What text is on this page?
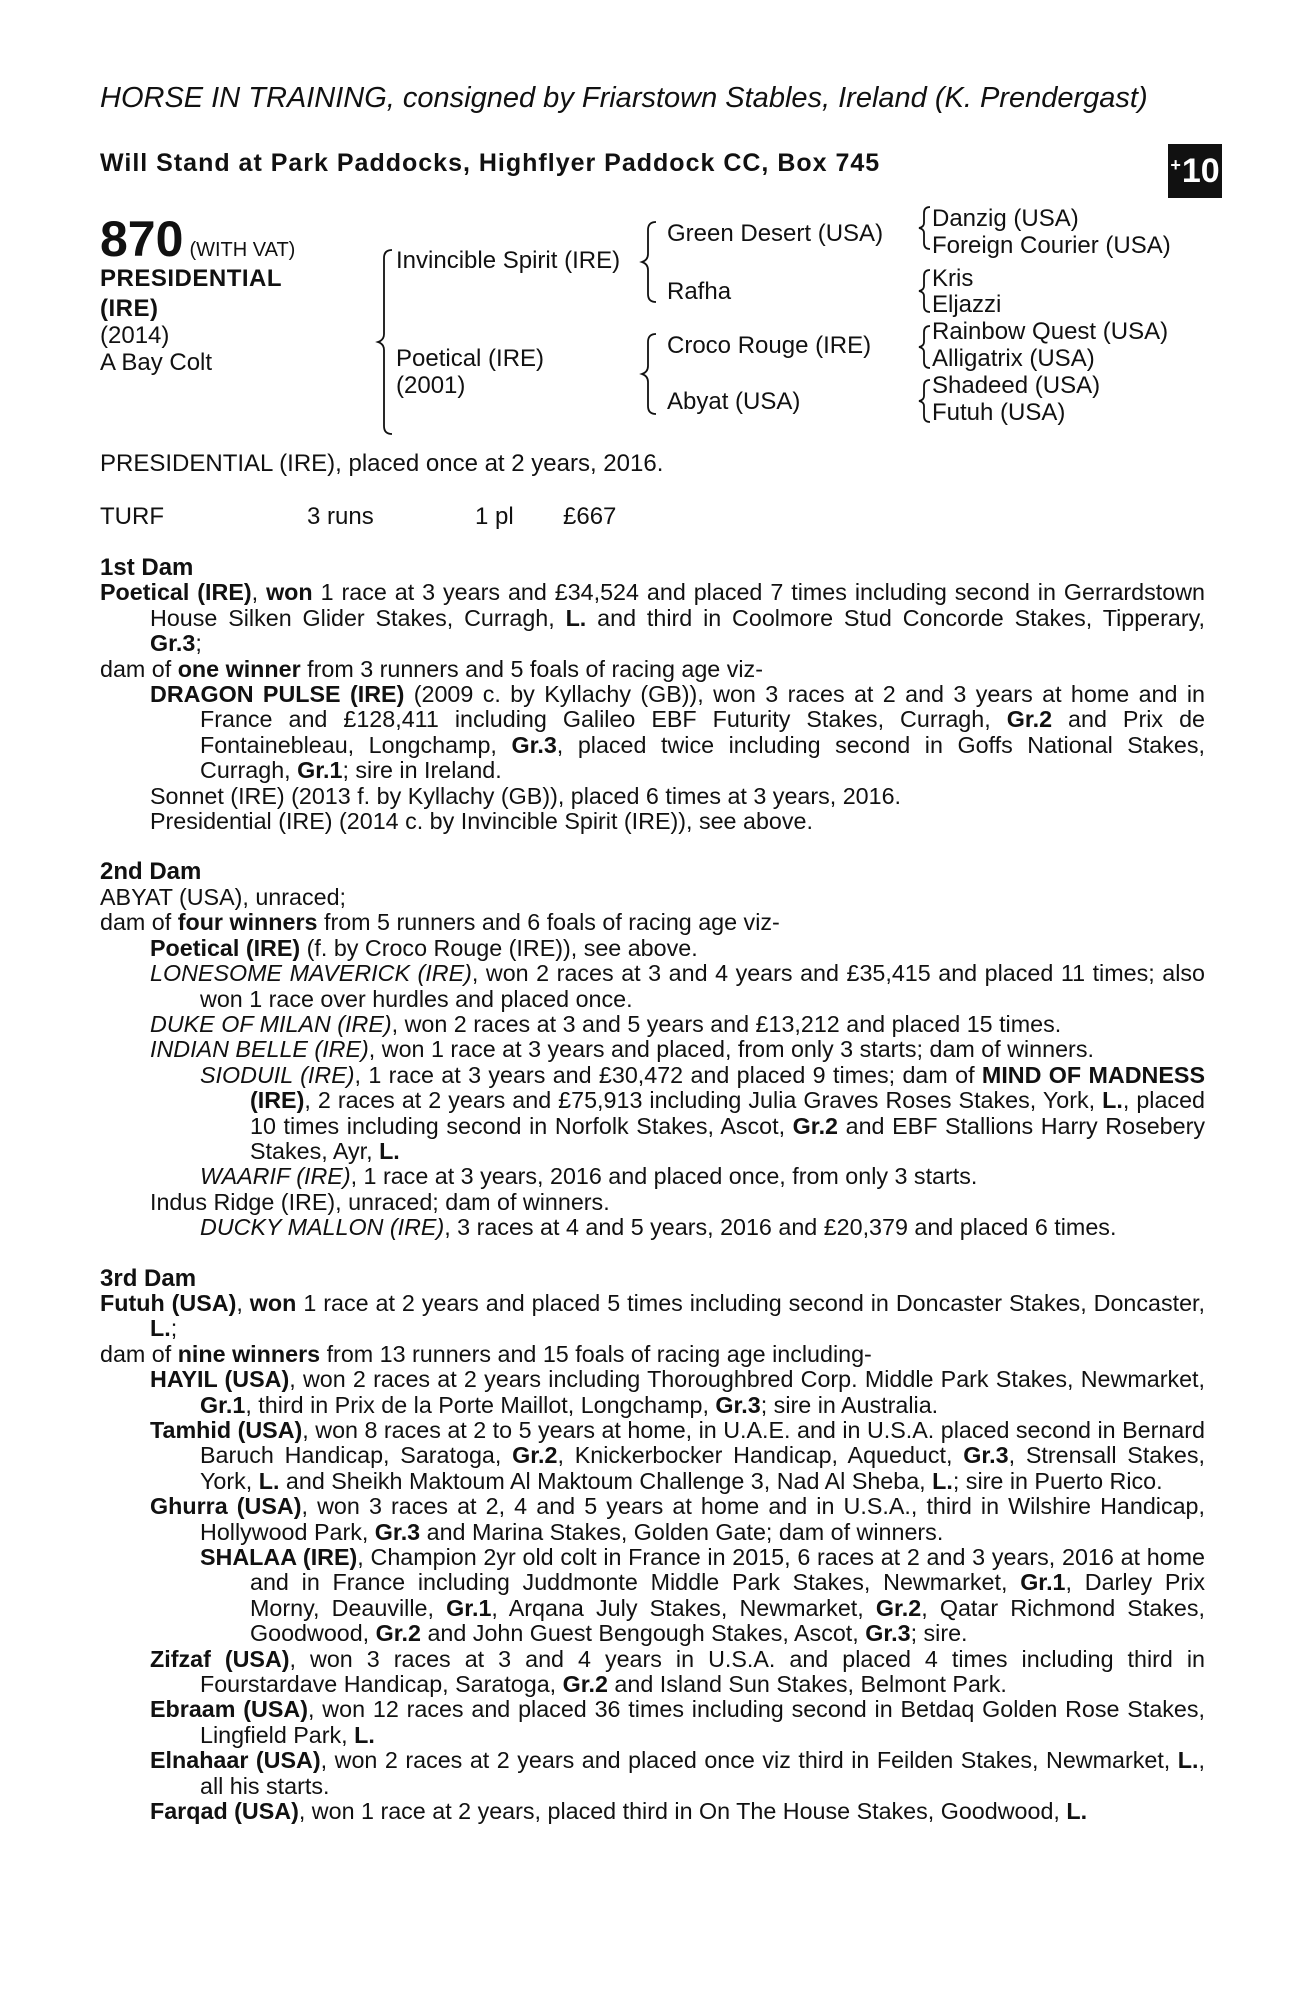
HORSE IN TRAINING, consigned by Friarstown Stables, Ireland (K. Prendergast)
Will Stand at Park Paddocks, Highflyer Paddock CC, Box 745	+ 10
870 (WITH VAT)
PRESIDENTIAL
(IRE)
(2014)
A Bay Colt
Invincible Spirit (IRE)
Poetical (IRE)
(2001)
Green Desert (USA)
Rafha
Croco Rouge (IRE)
Abyat (USA)
Danzig (USA)
Foreign Courier (USA)
Kris
Eljazzi
Rainbow Quest (USA)
Alligatrix (USA)
Shadeed (USA)
Futuh (USA)
PRESIDENTIAL (IRE), placed once at 2 years, 2016.
TURF	3 runs	1 pl £667
1st Dam
Poetical (IRE), won 1 race at 3 years and £34,524 and placed 7 times including second in Gerrardstown House Silken Glider Stakes, Curragh, L. and third in Coolmore Stud Concorde Stakes, Tipperary, Gr.3;
dam of one winner from 3 runners and 5 foals of racing age viz-
DRAGON PULSE (IRE) (2009 c. by Kyllachy (GB)), won 3 races at 2 and 3 years at home and in France and £128,411 including Galileo EBF Futurity Stakes, Curragh, Gr.2 and Prix de Fontainebleau, Longchamp, Gr.3, placed twice including second in Goffs National Stakes, Curragh, Gr.1; sire in Ireland.
Sonnet (IRE) (2013 f. by Kyllachy (GB)), placed 6 times at 3 years, 2016.
Presidential (IRE) (2014 c. by Invincible Spirit (IRE)), see above.
2nd Dam
ABYAT (USA), unraced;
dam of four winners from 5 runners and 6 foals of racing age viz-
Poetical (IRE) (f. by Croco Rouge (IRE)), see above.
LONESOME MAVERICK (IRE), won 2 races at 3 and 4 years and £35,415 and placed 11 times; also won 1 race over hurdles and placed once.
DUKE OF MILAN (IRE), won 2 races at 3 and 5 years and £13,212 and placed 15 times.
INDIAN BELLE (IRE), won 1 race at 3 years and placed, from only 3 starts; dam of winners.
SIODUIL (IRE), 1 race at 3 years and £30,472 and placed 9 times; dam of MIND OF MADNESS (IRE), 2 races at 2 years and £75,913 including Julia Graves Roses Stakes, York, L., placed 10 times including second in Norfolk Stakes, Ascot, Gr.2 and EBF Stallions Harry Rosebery Stakes, Ayr, L.
WAARIF (IRE), 1 race at 3 years, 2016 and placed once, from only 3 starts.
Indus Ridge (IRE), unraced; dam of winners.
DUCKY MALLON (IRE), 3 races at 4 and 5 years, 2016 and £20,379 and placed 6 times.
3rd Dam
Futuh (USA), won 1 race at 2 years and placed 5 times including second in Doncaster Stakes, Doncaster, L.;
dam of nine winners from 13 runners and 15 foals of racing age including-
HAYIL (USA), won 2 races at 2 years including Thoroughbred Corp. Middle Park Stakes, Newmarket, Gr.1, third in Prix de la Porte Maillot, Longchamp, Gr.3; sire in Australia.
Tamhid (USA), won 8 races at 2 to 5 years at home, in U.A.E. and in U.S.A. placed second in Bernard Baruch Handicap, Saratoga, Gr.2, Knickerbocker Handicap, Aqueduct, Gr.3, Strensall Stakes, York, L. and Sheikh Maktoum Al Maktoum Challenge 3, Nad Al Sheba, L.; sire in Puerto Rico.
Ghurra (USA), won 3 races at 2, 4 and 5 years at home and in U.S.A., third in Wilshire Handicap, Hollywood Park, Gr.3 and Marina Stakes, Golden Gate; dam of winners.
SHALAA (IRE), Champion 2yr old colt in France in 2015, 6 races at 2 and 3 years, 2016 at home and in France including Juddmonte Middle Park Stakes, Newmarket, Gr.1, Darley Prix Morny, Deauville, Gr.1, Arqana July Stakes, Newmarket, Gr.2, Qatar Richmond Stakes, Goodwood, Gr.2 and John Guest Bengough Stakes, Ascot, Gr.3; sire.
Zifzaf (USA), won 3 races at 3 and 4 years in U.S.A. and placed 4 times including third in Fourstardave Handicap, Saratoga, Gr.2 and Island Sun Stakes, Belmont Park.
Ebraam (USA), won 12 races and placed 36 times including second in Betdaq Golden Rose Stakes, Lingfield Park, L.
Elnahaar (USA), won 2 races at 2 years and placed once viz third in Feilden Stakes, Newmarket, L., all his starts.
Farqad (USA), won 1 race at 2 years, placed third in On The House Stakes, Goodwood, L.
